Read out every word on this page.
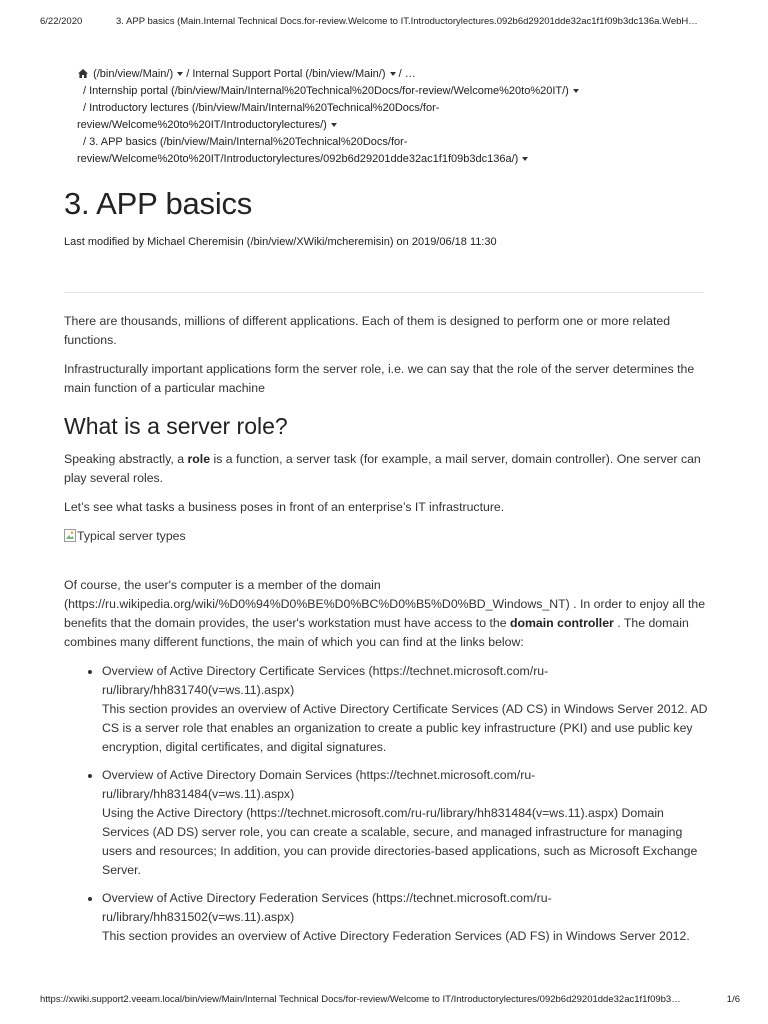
6/22/2020	3. APP basics (Main.Internal Technical Docs.for-review.Welcome to IT.Introductorylectures.092b6d29201dde32ac1f1f09b3dc136a.WebH…
(/bin/view/Main/) / Internal Support Portal (/bin/view/Main/) / …
/ Internship portal (/bin/view/Main/Internal%20Technical%20Docs/for-review/Welcome%20to%20IT/)
/ Introductory lectures (/bin/view/Main/Internal%20Technical%20Docs/for-
review/Welcome%20to%20IT/Introductorylectures/)
/ 3. APP basics (/bin/view/Main/Internal%20Technical%20Docs/for-
review/Welcome%20to%20IT/Introductorylectures/092b6d29201dde32ac1f1f09b3dc136a/)
3. APP basics
Last modified by Michael Cheremisin (/bin/view/XWiki/mcheremisin) on 2019/06/18 11:30

There are thousands, millions of different applications. Each of them is designed to perform one or more related functions.

Infrastructurally important applications form the server role, i.e. we can say that the role of the server determines the main function of a particular machine

What is a server role?

Speaking abstractly, a role is a function, a server task (for example, a mail server, domain controller). One server can play several roles.

Let’s see what tasks a business poses in front of an enterprise’s IT infrastructure.

Typical server types

Of course, the user's computer is a member of the domain (https://ru.wikipedia.org/wiki/%D0%94%D0%BE%D0%BC%D0%B5%D0%BD_Windows_NT) . In order to enjoy all the benefits that the domain provides, the user's workstation must have access to the domain controller . The domain combines many different functions, the main of which you can find at the links below:

• Overview of Active Directory Certificate Services (https://technet.microsoft.com/ru-ru/library/hh831740(v=ws.11).aspx)
This section provides an overview of Active Directory Certificate Services (AD CS) in Windows Server 2012. AD CS is a server role that enables an organization to create a public key infrastructure (PKI) and use public key encryption, digital certificates, and digital signatures.
• Overview of Active Directory Domain Services (https://technet.microsoft.com/ru-ru/library/hh831484(v=ws.11).aspx)
Using the Active Directory (https://technet.microsoft.com/ru-ru/library/hh831484(v=ws.11).aspx) Domain Services (AD DS) server role, you can create a scalable, secure, and managed infrastructure for managing users and resources; In addition, you can provide directories-based applications, such as Microsoft Exchange Server.
• Overview of Active Directory Federation Services (https://technet.microsoft.com/ru-ru/library/hh831502(v=ws.11).aspx)
This section provides an overview of Active Directory Federation Services (AD FS) in Windows Server 2012.
https://xwiki.support2.veeam.local/bin/view/Main/Internal Technical Docs/for-review/Welcome to IT/Introductorylectures/092b6d29201dde32ac1f1f09b3…	1/6
